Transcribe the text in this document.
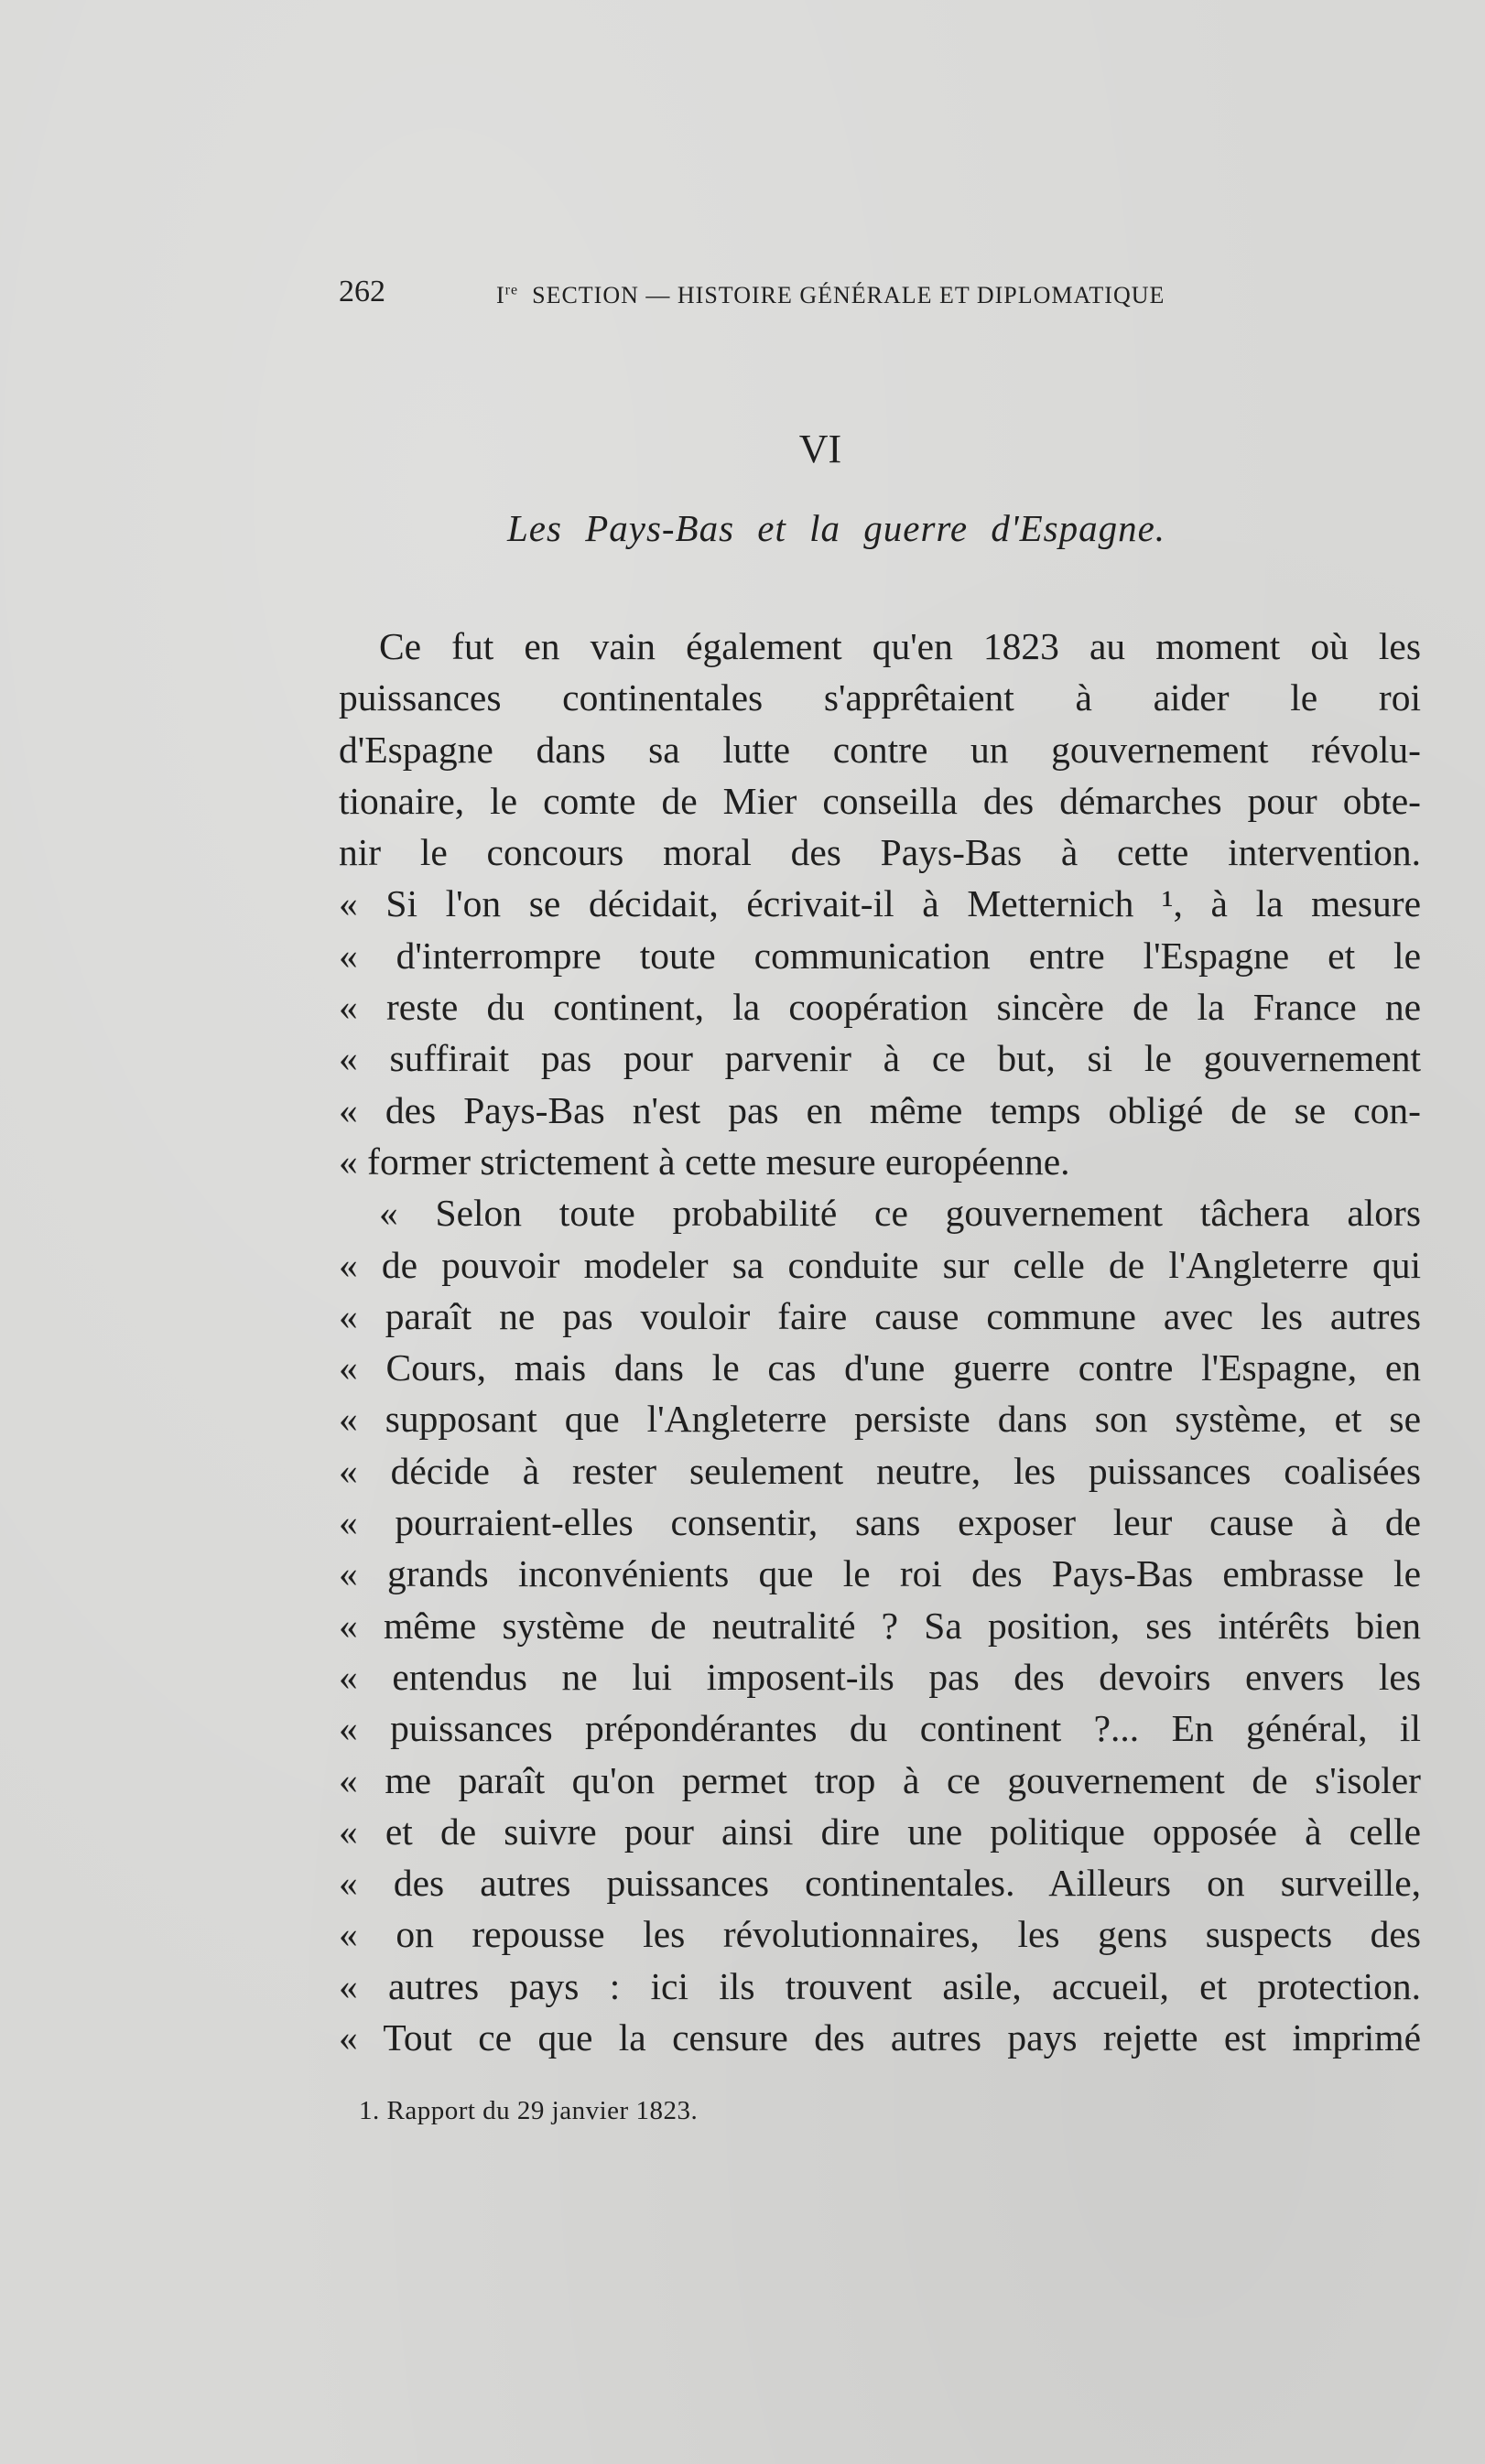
262	Ire SECTION — HISTOIRE GÉNÉRALE ET DIPLOMATIQUE
VI
Les Pays-Bas et la guerre d'Espagne.
Ce fut en vain également qu'en 1823 au moment où les
puissances continentales s'apprêtaient à aider le roi
d'Espagne dans sa lutte contre un gouvernement révolu-
tionaire, le comte de Mier conseilla des démarches pour obte-
nir le concours moral des Pays-Bas à cette intervention.
« Si l'on se décidait, écrivait-il à Metternich ¹, à la mesure
« d'interrompre toute communication entre l'Espagne et le
« reste du continent, la coopération sincère de la France ne
« suffirait pas pour parvenir à ce but, si le gouvernement
« des Pays-Bas n'est pas en même temps obligé de se con-
« former strictement à cette mesure européenne.
« Selon toute probabilité ce gouvernement tâchera alors
« de pouvoir modeler sa conduite sur celle de l'Angleterre qui
« paraît ne pas vouloir faire cause commune avec les autres
« Cours, mais dans le cas d'une guerre contre l'Espagne, en
« supposant que l'Angleterre persiste dans son système, et se
« décide à rester seulement neutre, les puissances coalisées
« pourraient-elles consentir, sans exposer leur cause à de
« grands inconvénients que le roi des Pays-Bas embrasse le
« même système de neutralité ? Sa position, ses intérêts bien
« entendus ne lui imposent-ils pas des devoirs envers les
« puissances prépondérantes du continent ?... En général, il
« me paraît qu'on permet trop à ce gouvernement de s'isoler
« et de suivre pour ainsi dire une politique opposée à celle
« des autres puissances continentales. Ailleurs on surveille,
« on repousse les révolutionnaires, les gens suspects des
« autres pays : ici ils trouvent asile, accueil, et protection.
« Tout ce que la censure des autres pays rejette est imprimé
1. Rapport du 29 janvier 1823.
